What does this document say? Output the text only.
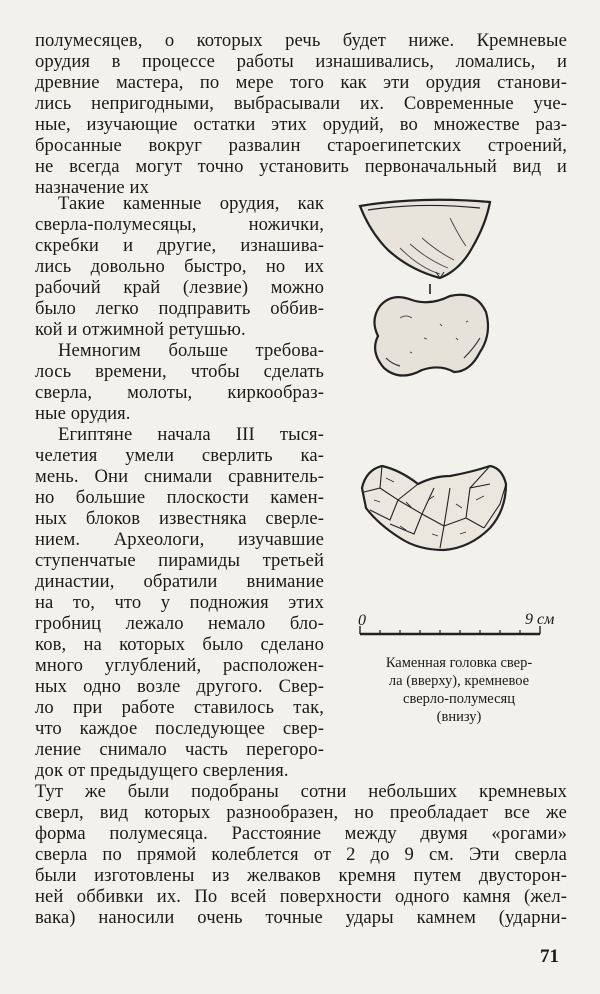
полумесяцев, о которых речь будет ниже. Кремневые
орудия в процессе работы изнашивались, ломались, и
древние мастера, по мере того как эти орудия станови-
лись непригодными, выбрасывали их. Современные уче-
ные, изучающие остатки этих орудий, во множестве раз-
бросанные вокруг развалин староегипетских строений,
не всегда могут точно установить первоначальный вид и
назначение их
Такие каменные орудия, как
сверла-полумесяцы, ножички,
скребки и другие, изнашива-
лись довольно быстро, но их
рабочий край (лезвие) можно
было легко подправить оббив-
кой и отжимной ретушью.
Немногим больше требова-
лось времени, чтобы сделать
сверла, молоты, киркообраз-
ные орудия.
Египтяне начала III тыся-
челетия умели сверлить ка-
мень. Они снимали сравнитель-
но большие плоскости камен-
ных блоков известняка сверле-
нием. Археологи, изучавшие
ступенчатые пирамиды третьей
династии, обратили внимание
на то, что у подножия этих
гробниц лежало немало бло-
ков, на которых было сделано
много углублений, расположен-
ных одно возле другого. Свер-
ло при работе ставилось так,
что каждое последующее свер-
ление снимало часть перегоро-
док от предыдущего сверления.
0	9 см
Каменная головка свер-
ла (вверху), кремневое
сверло-полумесяц
(внизу)
Тут же были подобраны сотни небольших кремневых
сверл, вид которых разнообразен, но преобладает все же
форма полумесяца. Расстояние между двумя «рогами»
сверла по прямой колеблется от 2 до 9 см. Эти сверла
были изготовлены из желваков кремня путем двусторон-
ней оббивки их. По всей поверхности одного камня (жел-
вака) наносили очень точные удары камнем (ударни-
71
